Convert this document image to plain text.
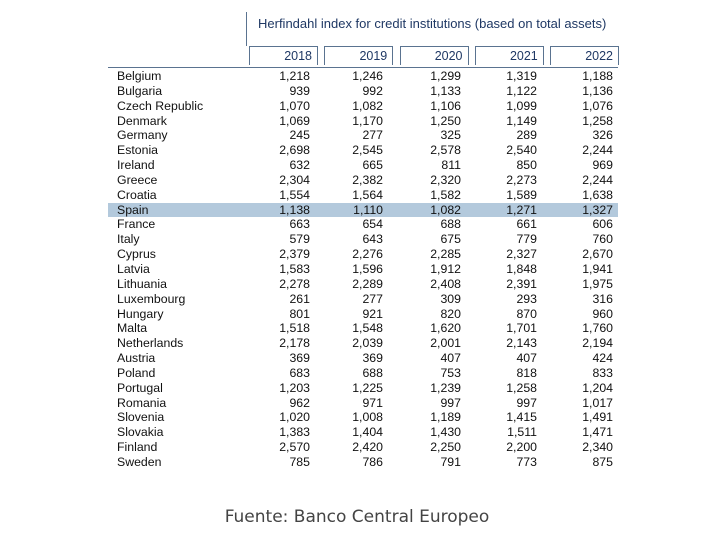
Herfindahl index for credit institutions (based on total assets)
2018	2019	2020	2021	2022
Belgium	1,218	1,246	1,299	1,319	1,188
Bulgaria	939	992	1,133	1,122	1,136
Czech Republic	1,070	1,082	1,106	1,099	1,076
Denmark	1,069	1,170	1,250	1,149	1,258
Germany	245	277	325	289	326
Estonia	2,698	2,545	2,578	2,540	2,244
Ireland	632	665	811	850	969
Greece	2,304	2,382	2,320	2,273	2,244
Croatia	1,554	1,564	1,582	1,589	1,638
Spain	1,138	1,110	1,082	1,271	1,327
France	663	654	688	661	606
Italy	579	643	675	779	760
Cyprus	2,379	2,276	2,285	2,327	2,670
Latvia	1,583	1,596	1,912	1,848	1,941
Lithuania	2,278	2,289	2,408	2,391	1,975
Luxembourg	261	277	309	293	316
Hungary	801	921	820	870	960
Malta	1,518	1,548	1,620	1,701	1,760
Netherlands	2,178	2,039	2,001	2,143	2,194
Austria	369	369	407	407	424
Poland	683	688	753	818	833
Portugal	1,203	1,225	1,239	1,258	1,204
Romania	962	971	997	997	1,017
Slovenia	1,020	1,008	1,189	1,415	1,491
Slovakia	1,383	1,404	1,430	1,511	1,471
Finland	2,570	2,420	2,250	2,200	2,340
Sweden	785	786	791	773	875
Fuente: Banco Central Europeo
